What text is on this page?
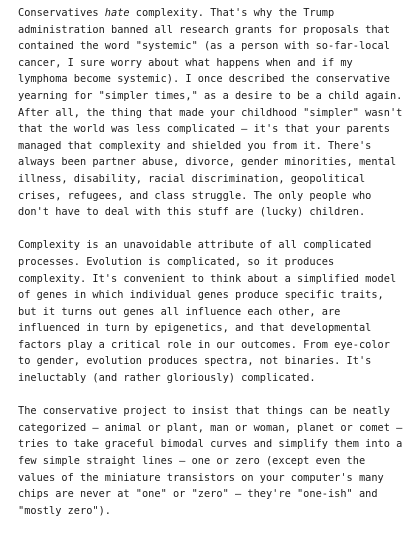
Conservatives hate complexity. That's why the Trump
administration banned all research grants for proposals that
contained the word "systemic" (as a person with so-far-local
cancer, I sure worry about what happens when and if my
lymphoma become systemic). I once described the conservative
yearning for "simpler times," as a desire to be a child again.
After all, the thing that made your childhood "simpler" wasn't
that the world was less complicated – it's that your parents
managed that complexity and shielded you from it. There's
always been partner abuse, divorce, gender minorities, mental
illness, disability, racial discrimination, geopolitical
crises, refugees, and class struggle. The only people who
don't have to deal with this stuff are (lucky) children.

Complexity is an unavoidable attribute of all complicated
processes. Evolution is complicated, so it produces
complexity. It's convenient to think about a simplified model
of genes in which individual genes produce specific traits,
but it turns out genes all influence each other, are
influenced in turn by epigenetics, and that developmental
factors play a critical role in our outcomes. From eye-color
to gender, evolution produces spectra, not binaries. It's
ineluctably (and rather gloriously) complicated.

The conservative project to insist that things can be neatly
categorized – animal or plant, man or woman, planet or comet –
tries to take graceful bimodal curves and simplify them into a
few simple straight lines – one or zero (except even the
values of the miniature transistors on your computer's many
chips are never at "one" or "zero" – they're "one-ish" and
"mostly zero").
